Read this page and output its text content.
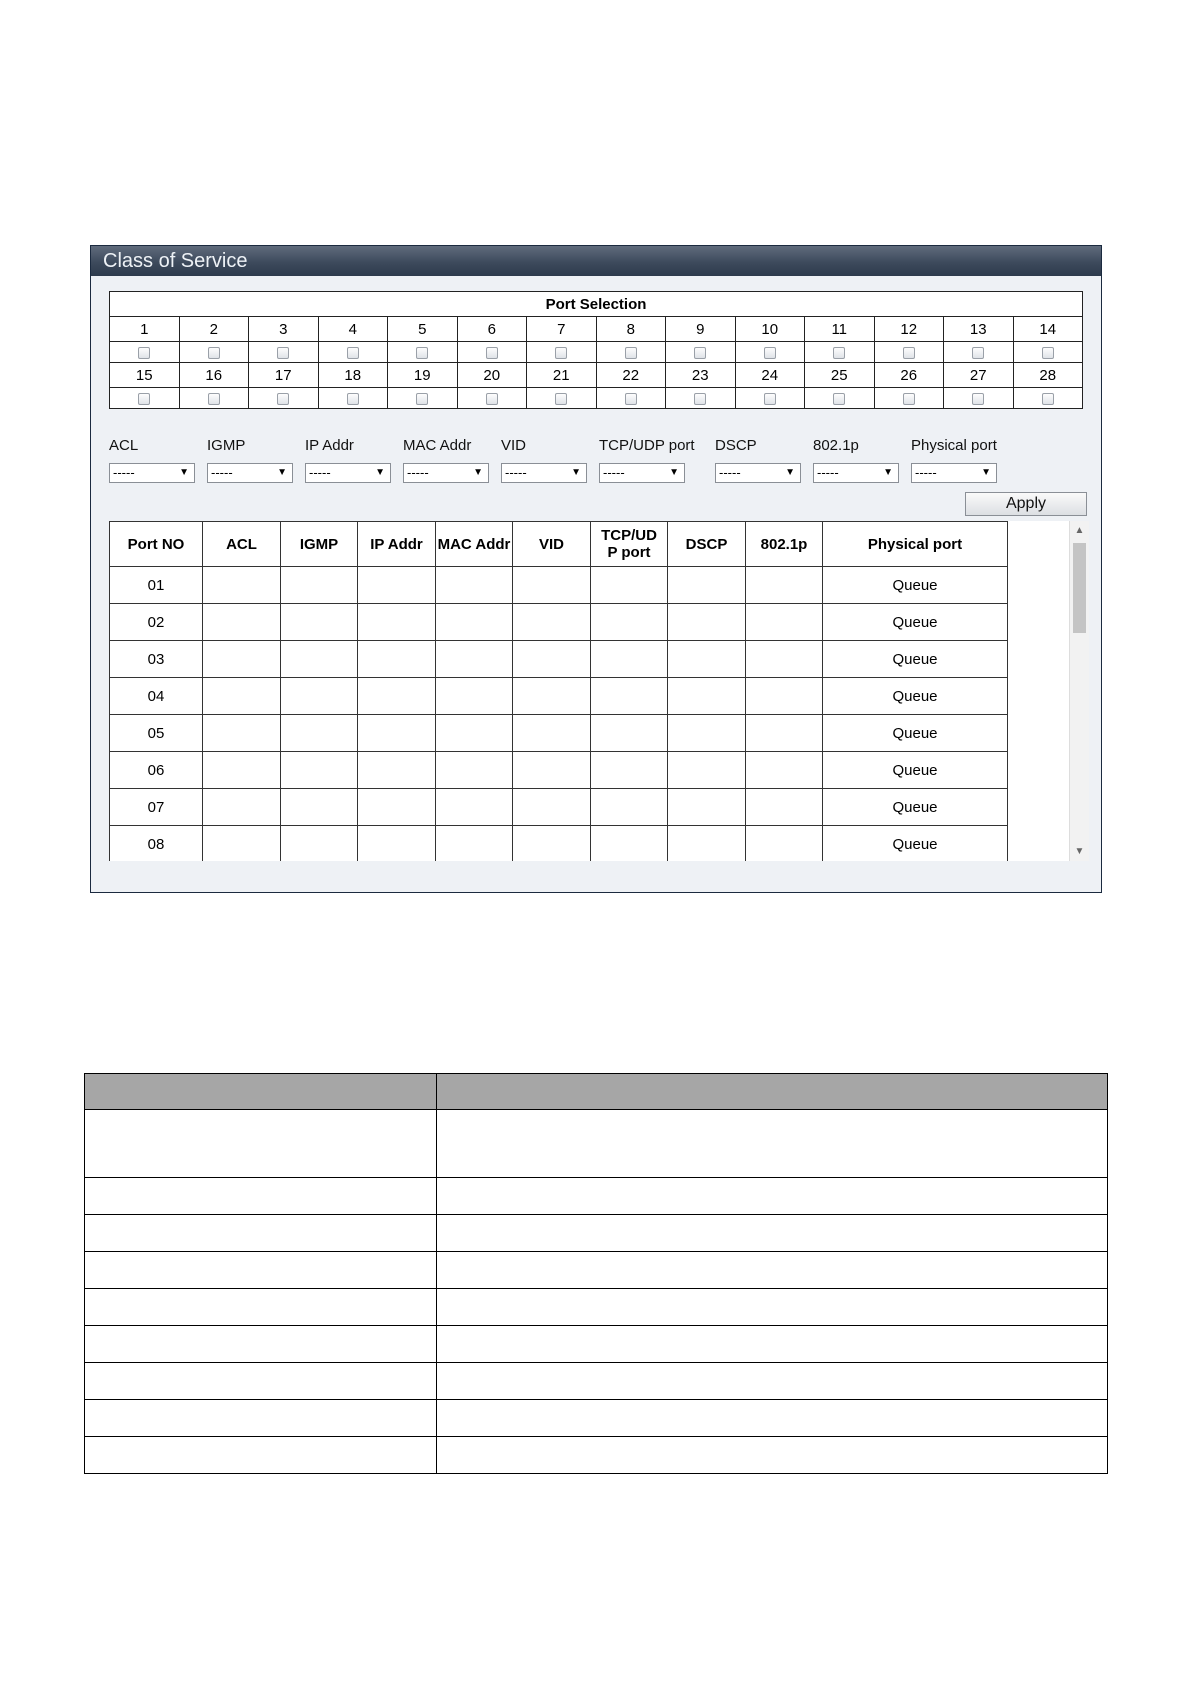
Class of Service
Port Selection													
1	2	3	4	5	6	7	8	9	10	11	12	13	14

15	16	17	18	19	20	21	22	23	24	25	26	27	28

ACL
-----	▼
IGMP
-----	▼
IP Addr
-----	▼
MAC Addr
-----	▼
VID
-----	▼
TCP/UDP port
-----	▼
DSCP
-----	▼
802.1p
-----	▼
Physical port
-----	▼
Apply
Port NO	ACL	IGMP	IP Addr	MAC Addr	VID	TCP/UDP port	DSCP	802.1p	Physical port
01									Queue
02									Queue
03									Queue
04									Queue
05									Queue
06									Queue
07									Queue
08									Queue
▲
▼
